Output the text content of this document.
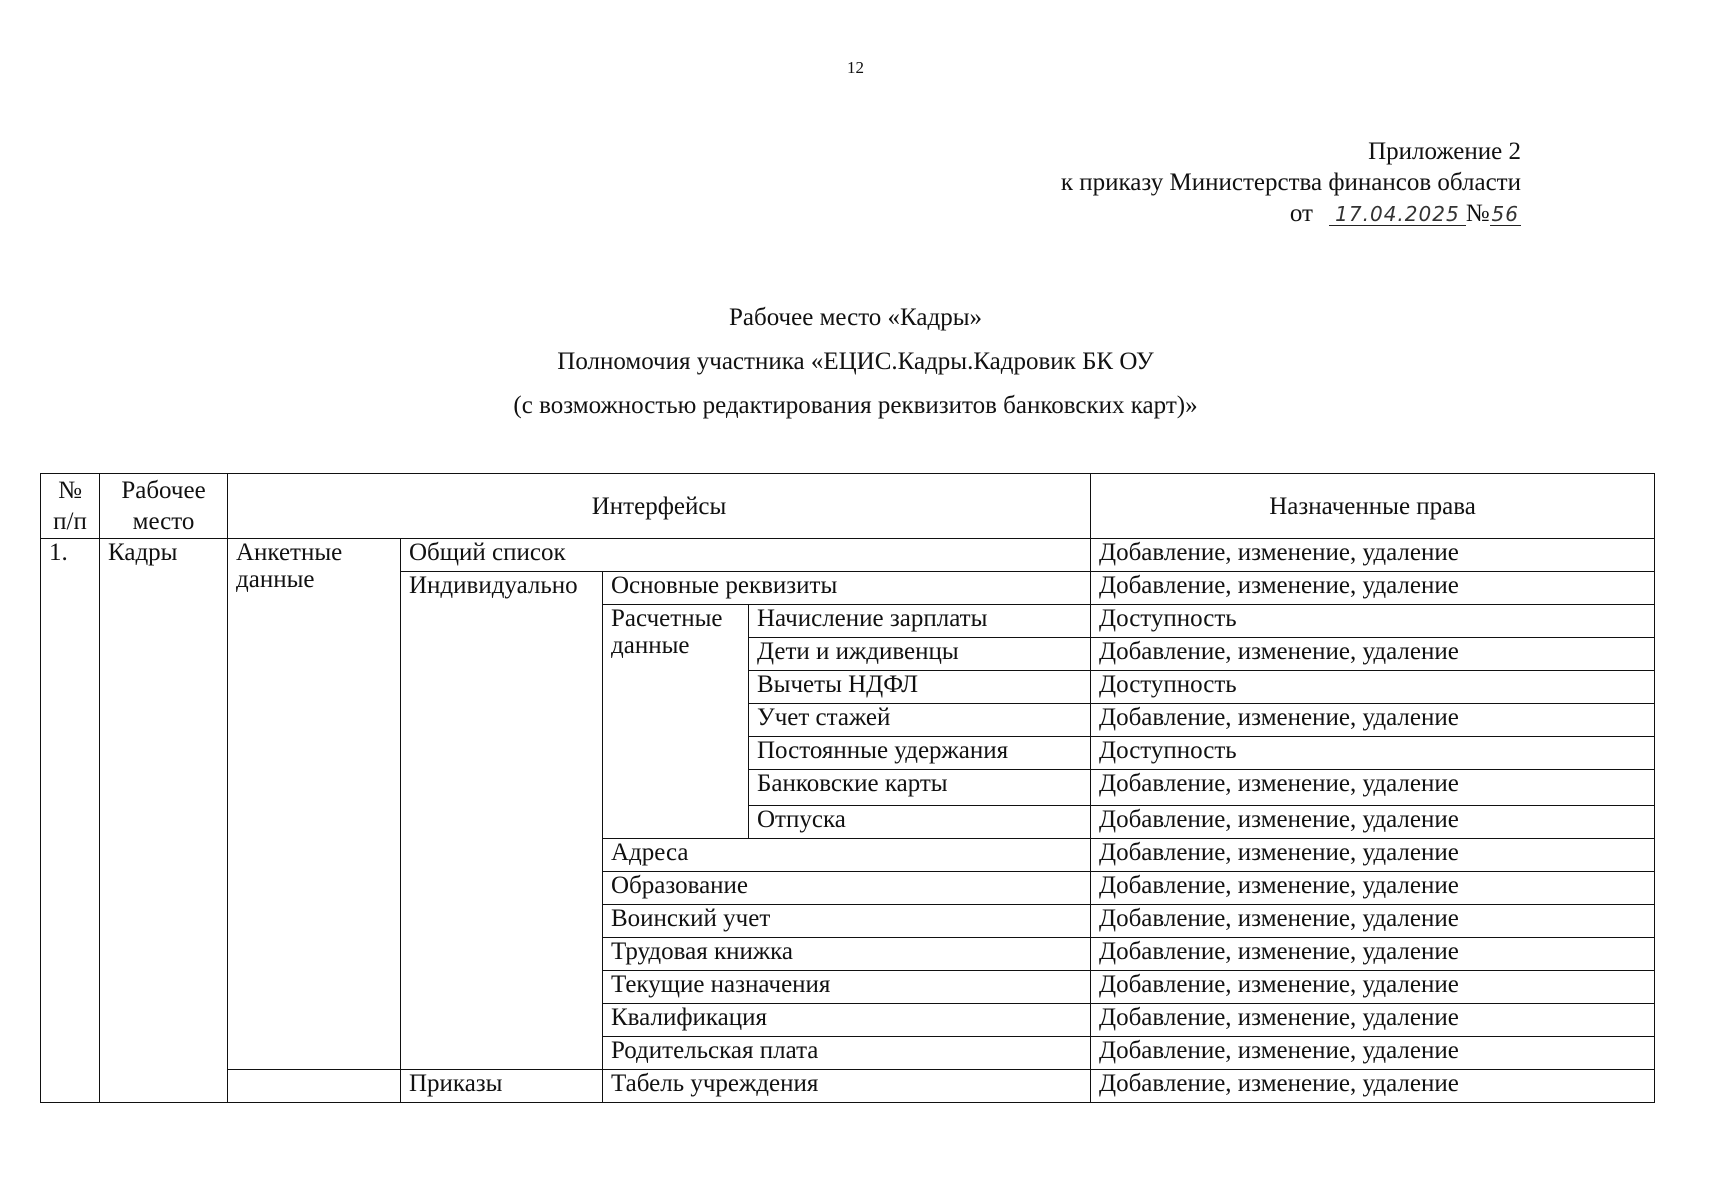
12
Приложение 2
к приказу Министерства финансов области
от 17.04.2025 № 56
Рабочее место «Кадры»
Полномочия участника «ЕЦИС.Кадры.Кадровик БК ОУ
(с возможностью редактирования реквизитов банковских карт)»
№ п/п	Рабочее место	Интерфейсы				Назначенные права
1.	Кадры	Анкетные данные	Общий список			Добавление, изменение, удаление
			Индивидуально	Основные реквизиты		Добавление, изменение, удаление
				Расчетные данные	Начисление зарплаты	Доступность
					Дети и иждивенцы	Добавление, изменение, удаление
					Вычеты НДФЛ	Доступность
					Учет стажей	Добавление, изменение, удаление
					Постоянные удержания	Доступность
					Банковские карты	Добавление, изменение, удаление
					Отпуска	Добавление, изменение, удаление
				Адреса		Добавление, изменение, удаление
				Образование		Добавление, изменение, удаление
				Воинский учет		Добавление, изменение, удаление
				Трудовая книжка		Добавление, изменение, удаление
				Текущие назначения		Добавление, изменение, удаление
				Квалификация		Добавление, изменение, удаление
				Родительская плата		Добавление, изменение, удаление
			Приказы	Табель учреждения		Добавление, изменение, удаление
